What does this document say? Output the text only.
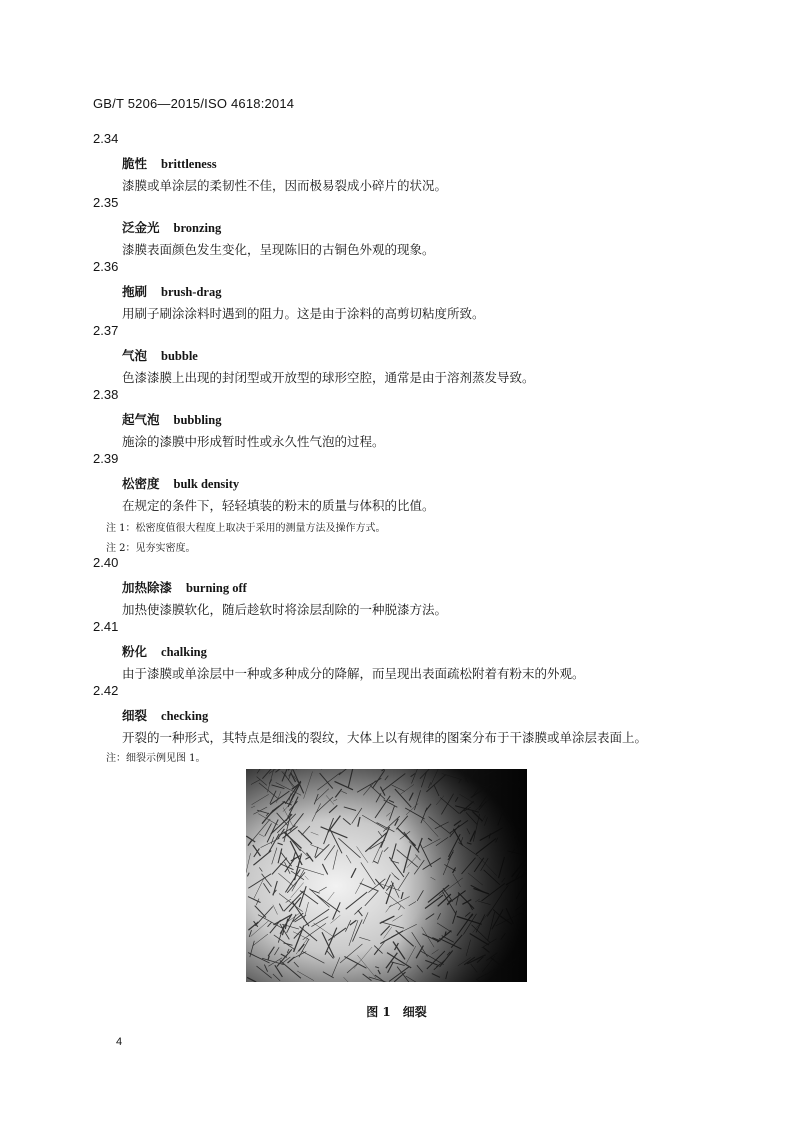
GB/T 5206—2015/ISO 4618:2014
2.34
脆性 brittleness
漆膜或单涂层的柔韧性不佳，因而极易裂成小碎片的状况。
2.35
泛金光 bronzing
漆膜表面颜色发生变化，呈现陈旧的古铜色外观的现象。
2.36
拖刷 brush-drag
用刷子刷涂涂料时遇到的阻力。这是由于涂料的高剪切粘度所致。
2.37
气泡 bubble
色漆漆膜上出现的封闭型或开放型的球形空腔，通常是由于溶剂蒸发导致。
2.38
起气泡 bubbling
施涂的漆膜中形成暂时性或永久性气泡的过程。
2.39
松密度 bulk density
在规定的条件下，轻轻填装的粉末的质量与体积的比值。
注 1：松密度值很大程度上取决于采用的测量方法及操作方式。
注 2：见夯实密度。
2.40
加热除漆 burning off
加热使漆膜软化，随后趁软时将涂层刮除的一种脱漆方法。
2.41
粉化 chalking
由于漆膜或单涂层中一种或多种成分的降解，而呈现出表面疏松附着有粉末的外观。
2.42
细裂 checking
开裂的一种形式，其特点是细浅的裂纹，大体上以有规律的图案分布于干漆膜或单涂层表面上。
注：细裂示例见图 1。
图 1 细裂
4
